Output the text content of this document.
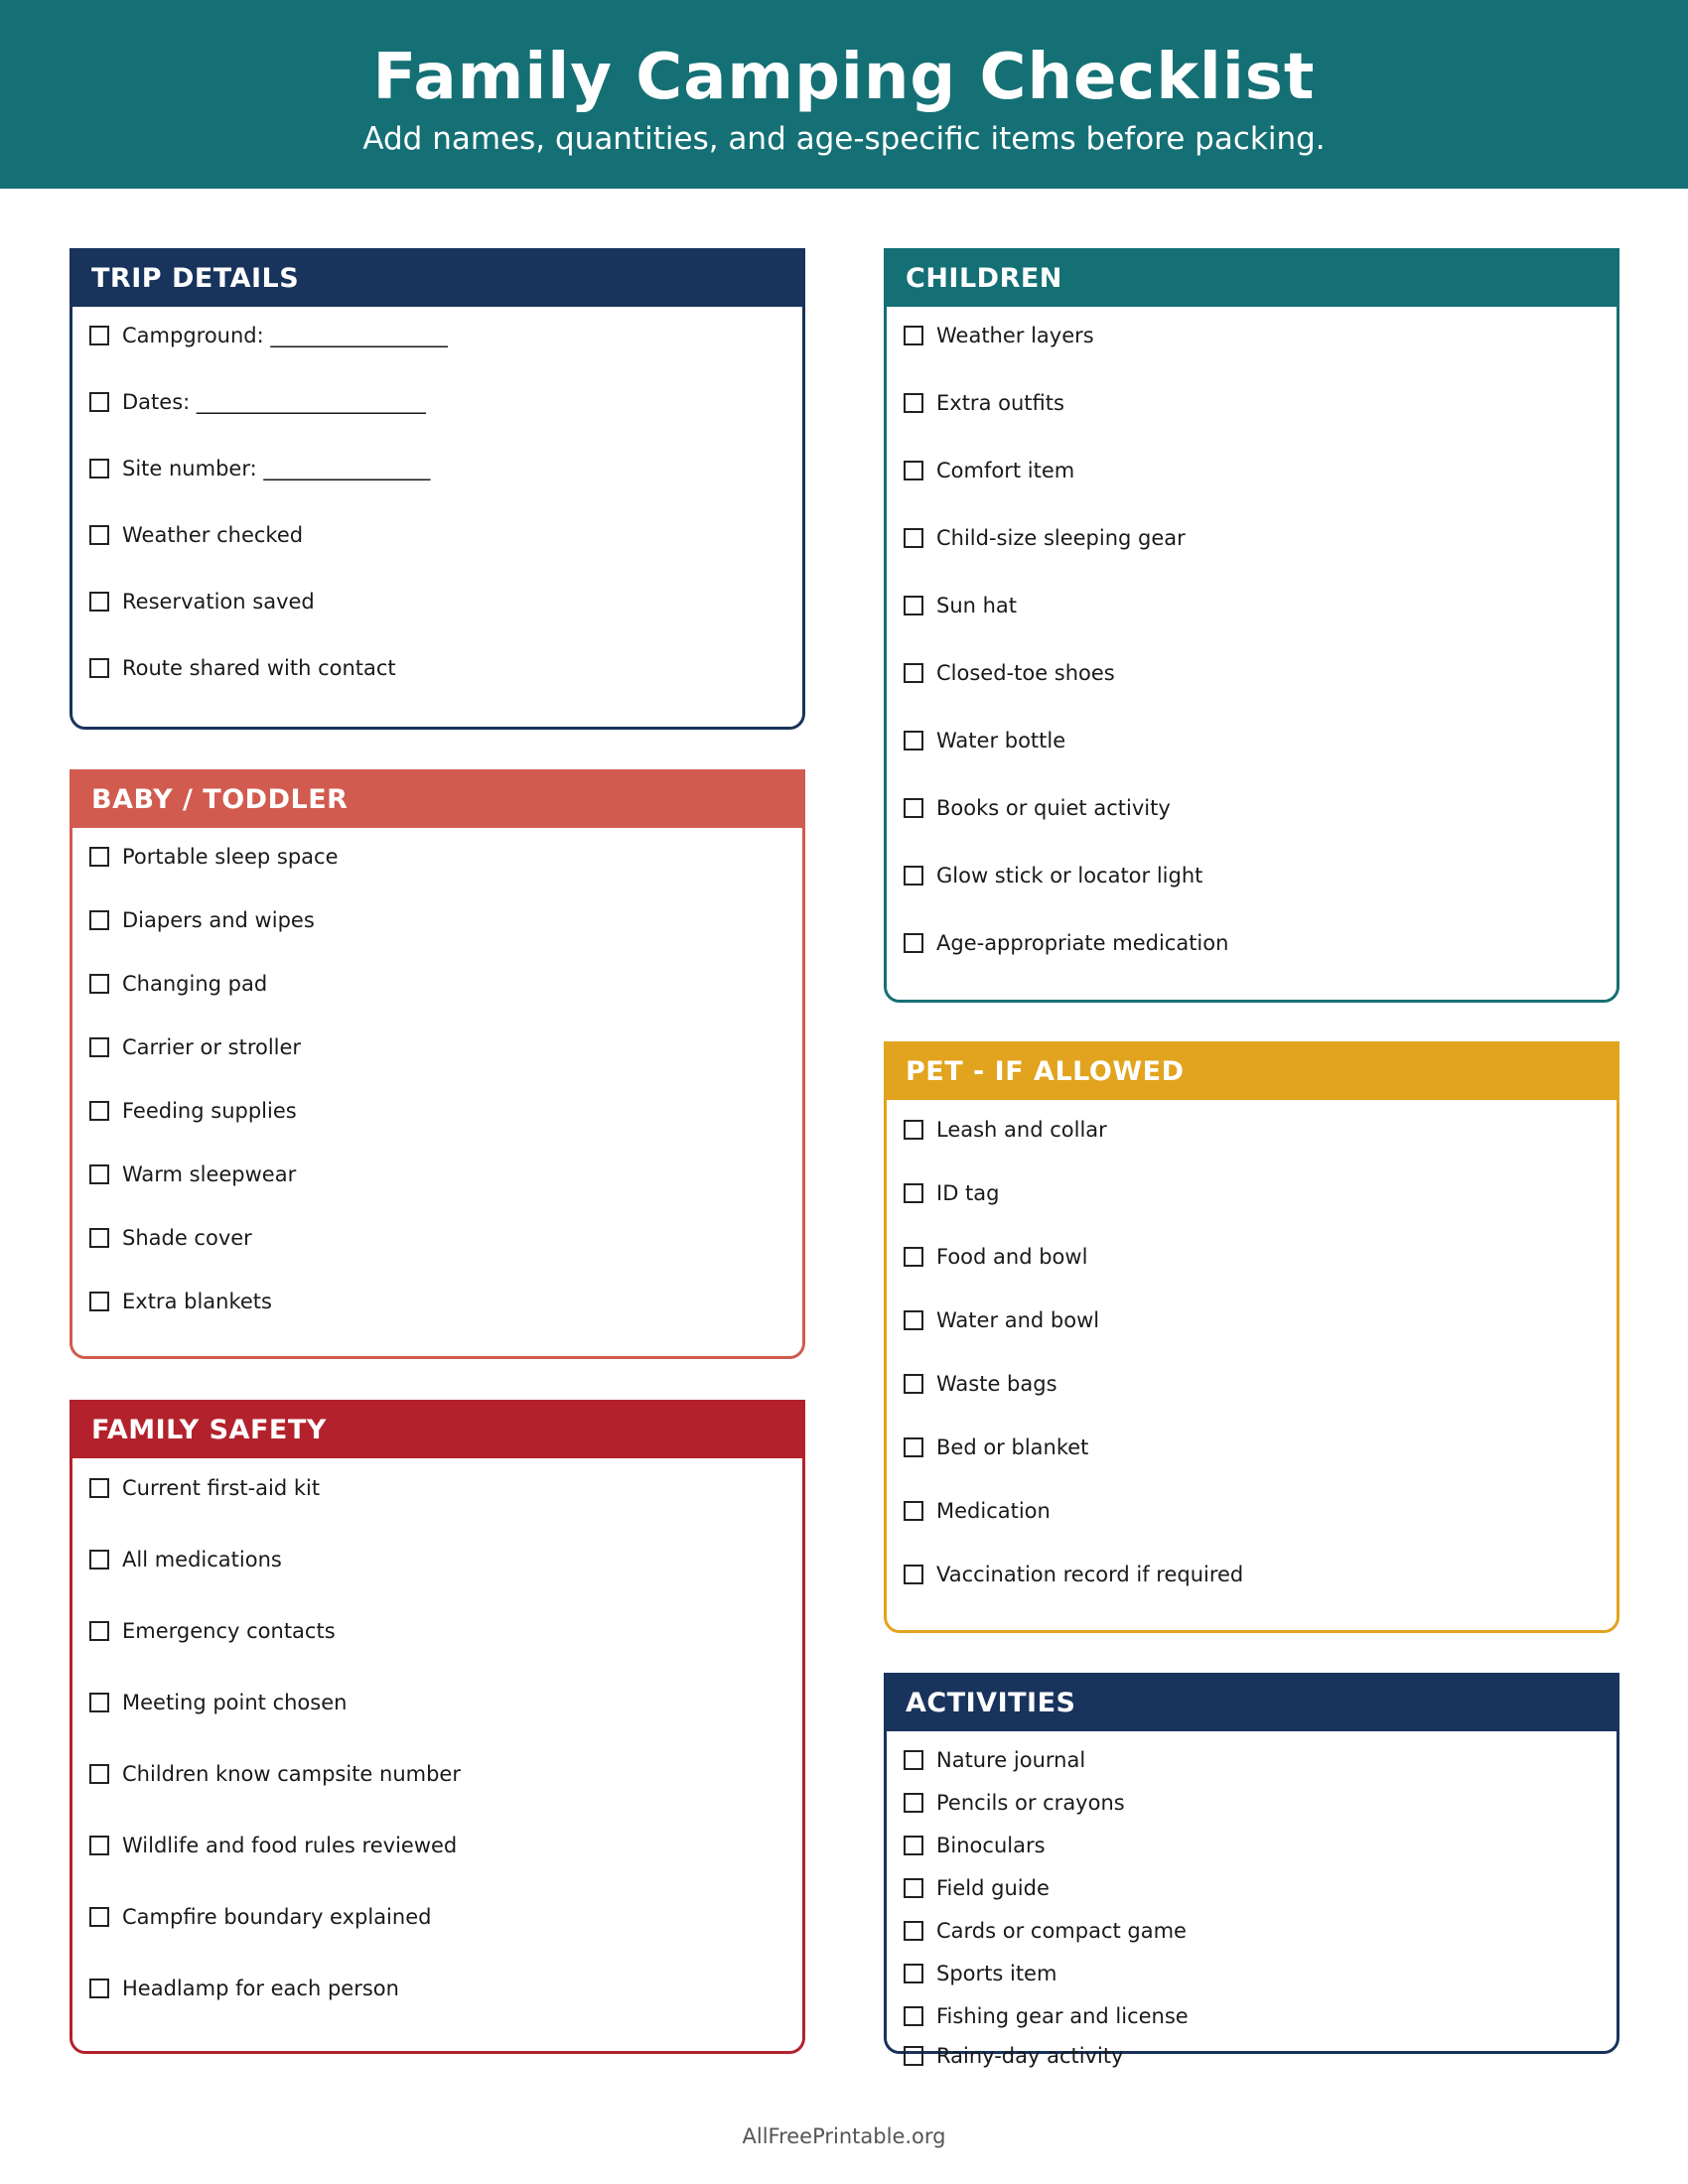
Family Camping Checklist

Add names, quantities, and age-specific items before packing.

TRIP DETAILS
Campground: _________________
Dates: ______________________
Site number: ________________
Weather checked
Reservation saved
Route shared with contact
BABY / TODDLER
Portable sleep space
Diapers and wipes
Changing pad
Carrier or stroller
Feeding supplies
Warm sleepwear
Shade cover
Extra blankets
FAMILY SAFETY
Current first-aid kit
All medications
Emergency contacts
Meeting point chosen
Children know campsite number
Wildlife and food rules reviewed
Campfire boundary explained
Headlamp for each person
CHILDREN
Weather layers
Extra outfits
Comfort item
Child-size sleeping gear
Sun hat
Closed-toe shoes
Water bottle
Books or quiet activity
Glow stick or locator light
Age-appropriate medication
PET - IF ALLOWED
Leash and collar
ID tag
Food and bowl
Water and bowl
Waste bags
Bed or blanket
Medication
Vaccination record if required
ACTIVITIES
Nature journal
Pencils or crayons
Binoculars
Field guide
Cards or compact game
Sports item
Fishing gear and license
Rainy-day activity
AllFreePrintable.org
